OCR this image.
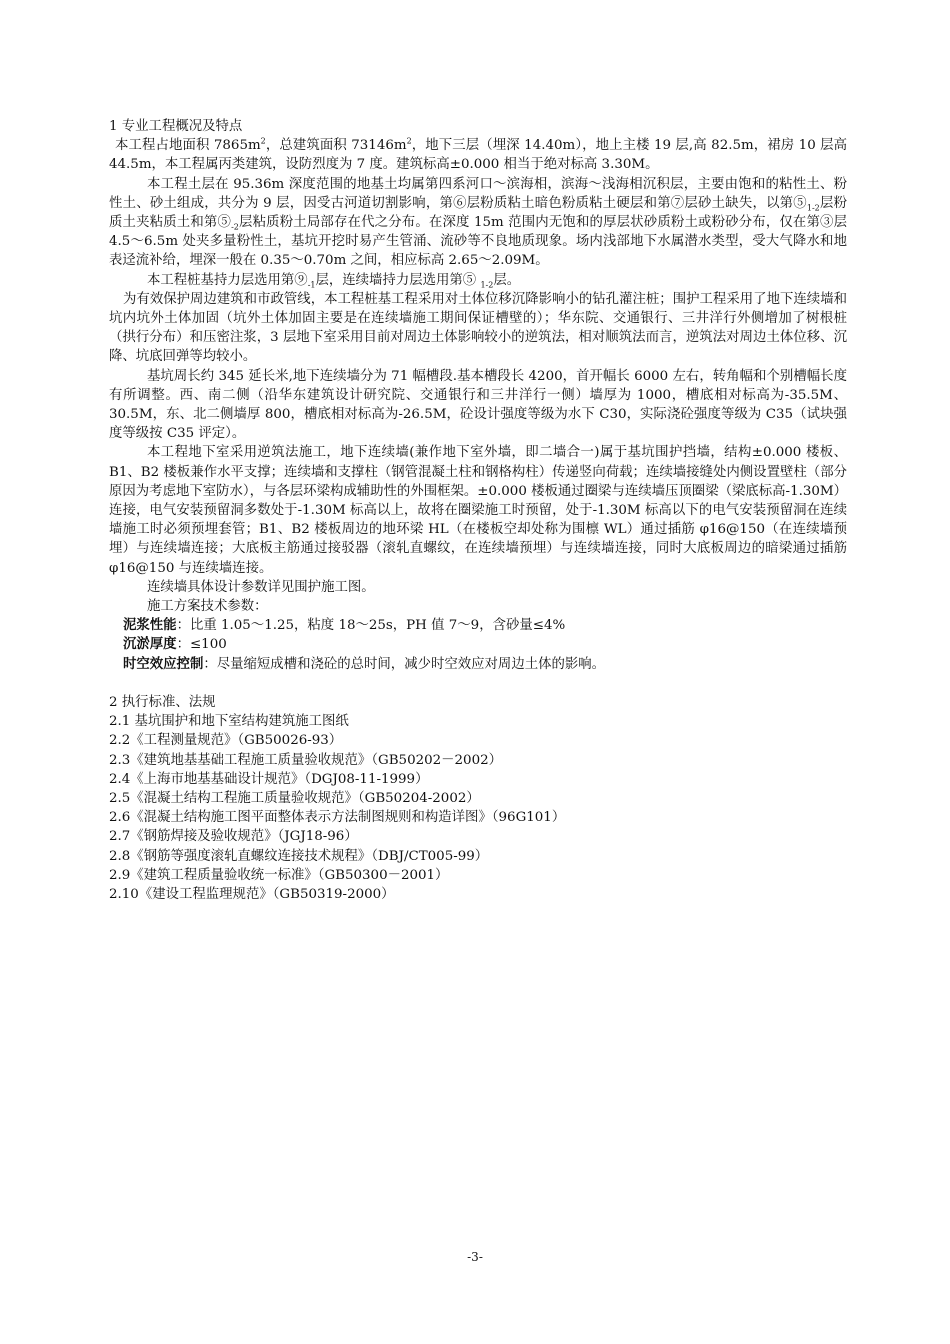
1 专业工程概况及特点

本工程占地面积 $7865m^2$，总建筑面积 $73146m^2$，地下三层（埋深 14.40m），地上主楼 19 层,高 82.5m，裙房 10 层高 44.5m，本工程属丙类建筑，设防烈度为 7 度。建筑标高±0.000 相当于绝对标高 3.30M。

本工程土层在 95.36m 深度范围的地基土均属第四系河口～滨海相，滨海～浅海相沉积层，主要由饱和的粘性土、粉性土、砂土组成，共分为 9 层，因受古河道切割影响，第⑥层粉质粘土暗色粉质粘土硬层和第⑦层砂土缺失，以第$⑤_{1-2}$层粉质土夹粘质土和第$⑤_{-2}$层粘质粉土局部存在代之分布。在深度 15m 范围内无饱和的厚层状砂质粉土或粉砂分布，仅在第③层 4.5～6.5m 处夹多量粉性土，基坑开挖时易产生管涌、流砂等不良地质现象。场内浅部地下水属潜水类型，受大气降水和地表迳流补给，埋深一般在 0.35～0.70m 之间，相应标高 2.65～2.09M。

本工程桩基持力层选用第$⑨_{-1}$层，连续墙持力层选用第⑤ $_{1-2}$层。

为有效保护周边建筑和市政管线，本工程桩基工程采用对土体位移沉降影响小的钻孔灌注桩；围护工程采用了地下连续墙和坑内坑外土体加固（坑外土体加固主要是在连续墙施工期间保证槽壁的）；华东院、交通银行、三井洋行外侧增加了树根桩（拱行分布）和压密注浆，3 层地下室采用目前对周边土体影响较小的逆筑法，相对顺筑法而言，逆筑法对周边土体位移、沉降、坑底回弹等均较小。

基坑周长约 345 延长米,地下连续墙分为 71 幅槽段.基本槽段长 4200，首开幅长 6000 左右，转角幅和个别槽幅长度有所调整。西、南二侧（沿华东建筑设计研究院、交通银行和三井洋行一侧）墙厚为 1000，槽底相对标高为-35.5M、30.5M，东、北二侧墙厚 800，槽底相对标高为-26.5M，砼设计强度等级为水下 C30，实际浇砼强度等级为 C35（试块强度等级按 C35 评定）。

本工程地下室采用逆筑法施工，地下连续墙(兼作地下室外墙，即二墙合一)属于基坑围护挡墙，结构±0.000 楼板、B1、B2 楼板兼作水平支撑；连续墙和支撑柱（钢管混凝土柱和钢格构柱）传递竖向荷载；连续墙接缝处内侧设置壁柱（部分原因为考虑地下室防水），与各层环梁构成辅助性的外围框架。±0.000 楼板通过圈梁与连续墙压顶圈梁（梁底标高-1.30M）连接，电气安装预留洞多数处于-1.30M 标高以上，故将在圈梁施工时预留，处于-1.30M 标高以下的电气安装预留洞在连续墙施工时必须预埋套管；B1、B2 楼板周边的地环梁 HL（在楼板空却处称为围檩 WL）通过插筋 φ16@150（在连续墙预埋）与连续墙连接；大底板主筋通过接驳器（滚轧直螺纹，在连续墙预埋）与连续墙连接，同时大底板周边的暗梁通过插筋 φ16@150 与连续墙连接。

连续墙具体设计参数详见围护施工图。

施工方案技术参数：

泥浆性能：比重 1.05～1.25，粘度 18～25s，PH 值 7～9，含砂量≤4%

沉淤厚度：≤100

时空效应控制：尽量缩短成槽和浇砼的总时间，减少时空效应对周边土体的影响。

2 执行标准、法规

2.1 基坑围护和地下室结构建筑施工图纸

2.2《工程测量规范》（GB50026-93）

2.3《建筑地基基础工程施工质量验收规范》（GB50202－2002）

2.4《上海市地基基础设计规范》（DGJ08-11-1999）

2.5《混凝土结构工程施工质量验收规范》（GB50204-2002）

2.6《混凝土结构施工图平面整体表示方法制图规则和构造详图》（96G101）

2.7《钢筋焊接及验收规范》（JGJ18-96）

2.8《钢筋等强度滚轧直螺纹连接技术规程》（DBJ/CT005-99）

2.9《建筑工程质量验收统一标准》（GB50300－2001）

2.10《建设工程监理规范》（GB50319-2000）

-3-
